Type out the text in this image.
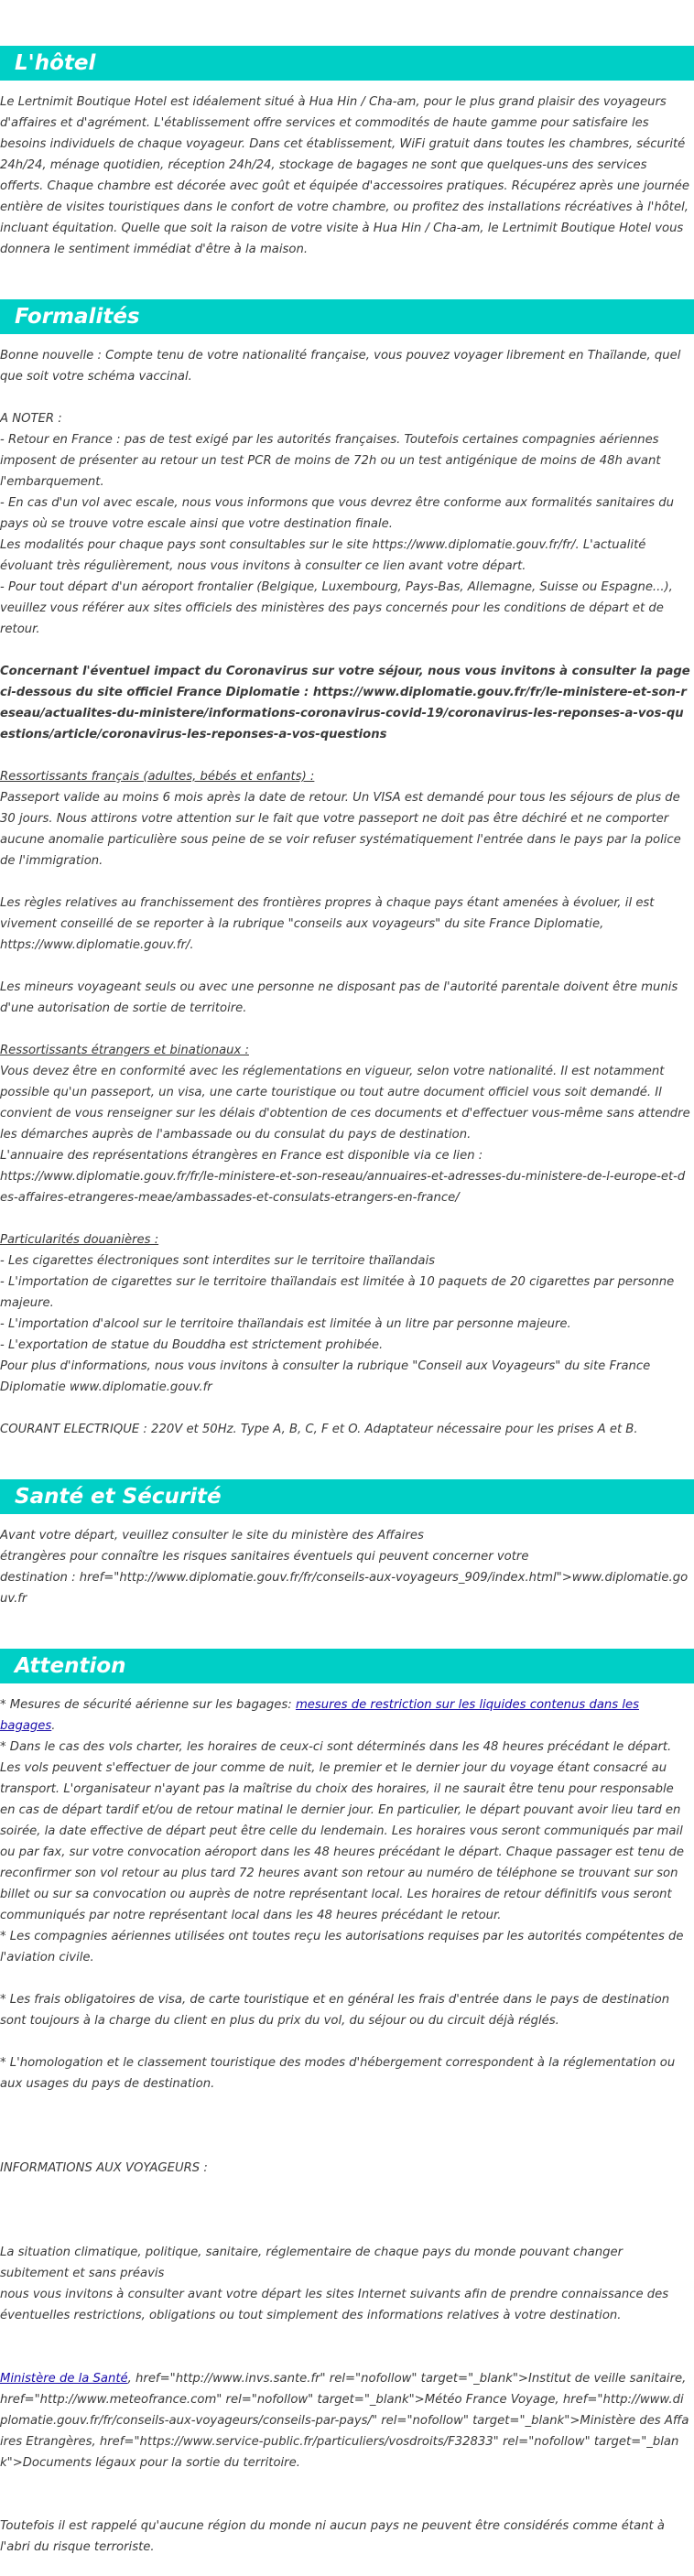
L'hôtel

Le Lertnimit Boutique Hotel est idéalement situé à Hua Hin / Cha-am, pour le plus grand plaisir des voyageurs d'affaires et d'agrément. L'établissement offre services et commodités de haute gamme pour satisfaire les besoins individuels de chaque voyageur. Dans cet établissement, WiFi gratuit dans toutes les chambres, sécurité 24h/24, ménage quotidien, réception 24h/24, stockage de bagages ne sont que quelques-uns des services offerts. Chaque chambre est décorée avec goût et équipée d'accessoires pratiques. Récupérez après une journée entière de visites touristiques dans le confort de votre chambre, ou profitez des installations récréatives à l'hôtel, incluant équitation. Quelle que soit la raison de votre visite à Hua Hin / Cha-am, le Lertnimit Boutique Hotel vous donnera le sentiment immédiat d'être à la maison.

Formalités

Bonne nouvelle : Compte tenu de votre nationalité française, vous pouvez voyager librement en Thaïlande, quel que soit votre schéma vaccinal.

A NOTER :

- Retour en France : pas de test exigé par les autorités françaises. Toutefois certaines compagnies aériennes imposent de présenter au retour un test PCR de moins de 72h ou un test antigénique de moins de 48h avant l'embarquement.

- En cas d'un vol avec escale, nous vous informons que vous devrez être conforme aux formalités sanitaires du pays où se trouve votre escale ainsi que votre destination finale.

Les modalités pour chaque pays sont consultables sur le site https://www.diplomatie.gouv.fr/fr/. L'actualité évoluant très régulièrement, nous vous invitons à consulter ce lien avant votre départ.

- Pour tout départ d'un aéroport frontalier (Belgique, Luxembourg, Pays-Bas, Allemagne, Suisse ou Espagne...), veuillez vous référer aux sites officiels des ministères des pays concernés pour les conditions de départ et de retour.

Concernant l'éventuel impact du Coronavirus sur votre séjour, nous vous invitons à consulter la page ci-dessous du site officiel France Diplomatie : https://www.diplomatie.gouv.fr/fr/le-ministere-et-son-reseau/actualites-du-ministere/informations-coronavirus-covid-19/coronavirus-les-reponses-a-vos-questions/article/coronavirus-les-reponses-a-vos-questions

Ressortissants français (adultes, bébés et enfants) :

Passeport valide au moins 6 mois après la date de retour. Un VISA est demandé pour tous les séjours de plus de 30 jours. Nous attirons votre attention sur le fait que votre passeport ne doit pas être déchiré et ne comporter aucune anomalie particulière sous peine de se voir refuser systématiquement l'entrée dans le pays par la police de l'immigration.

Les règles relatives au franchissement des frontières propres à chaque pays étant amenées à évoluer, il est vivement conseillé de se reporter à la rubrique "conseils aux voyageurs" du site France Diplomatie, https://www.diplomatie.gouv.fr/.

Les mineurs voyageant seuls ou avec une personne ne disposant pas de l'autorité parentale doivent être munis d'une autorisation de sortie de territoire.

Ressortissants étrangers et binationaux :

Vous devez être en conformité avec les réglementations en vigueur, selon votre nationalité. Il est notamment possible qu'un passeport, un visa, une carte touristique ou tout autre document officiel vous soit demandé. Il convient de vous renseigner sur les délais d'obtention de ces documents et d'effectuer vous-même sans attendre les démarches auprès de l'ambassade ou du consulat du pays de destination.

L'annuaire des représentations étrangères en France est disponible via ce lien :

https://www.diplomatie.gouv.fr/fr/le-ministere-et-son-reseau/annuaires-et-adresses-du-ministere-de-l-europe-et-des-affaires-etrangeres-meae/ambassades-et-consulats-etrangers-en-france/

Particularités douanières :

- Les cigarettes électroniques sont interdites sur le territoire thaïlandais

- L'importation de cigarettes sur le territoire thaïlandais est limitée à 10 paquets de 20 cigarettes par personne majeure.

- L'importation d'alcool sur le territoire thaïlandais est limitée à un litre par personne majeure.

- L'exportation de statue du Bouddha est strictement prohibée.

Pour plus d'informations, nous vous invitons à consulter la rubrique "Conseil aux Voyageurs" du site France Diplomatie www.diplomatie.gouv.fr

COURANT ELECTRIQUE : 220V et 50Hz. Type A, B, C, F et O. Adaptateur nécessaire pour les prises A et B.

Santé et Sécurité

Avant votre départ, veuillez consulter le site du ministère des Affaires

étrangères pour connaître les risques sanitaires éventuels qui peuvent concerner votre

destination : href="http://www.diplomatie.gouv.fr/fr/conseils-aux-voyageurs_909/index.html">www.diplomatie.gouv.fr

Attention

* Mesures de sécurité aérienne sur les bagages: mesures de restriction sur les liquides contenus dans les bagages.

* Dans le cas des vols charter, les horaires de ceux-ci sont déterminés dans les 48 heures précédant le départ. Les vols peuvent s'effectuer de jour comme de nuit, le premier et le dernier jour du voyage étant consacré au transport. L'organisateur n'ayant pas la maîtrise du choix des horaires, il ne saurait être tenu pour responsable en cas de départ tardif et/ou de retour matinal le dernier jour. En particulier, le départ pouvant avoir lieu tard en soirée, la date effective de départ peut être celle du lendemain. Les horaires vous seront communiqués par mail ou par fax, sur votre convocation aéroport dans les 48 heures précédant le départ. Chaque passager est tenu de reconfirmer son vol retour au plus tard 72 heures avant son retour au numéro de téléphone se trouvant sur son billet ou sur sa convocation ou auprès de notre représentant local. Les horaires de retour définitifs vous seront communiqués par notre représentant local dans les 48 heures précédant le retour.

* Les compagnies aériennes utilisées ont toutes reçu les autorisations requises par les autorités compétentes de l'aviation civile.

* Les frais obligatoires de visa, de carte touristique et en général les frais d'entrée dans le pays de destination sont toujours à la charge du client en plus du prix du vol, du séjour ou du circuit déjà réglés.

* L'homologation et le classement touristique des modes d'hébergement correspondent à la réglementation ou aux usages du pays de destination.

INFORMATIONS AUX VOYAGEURS :

La situation climatique, politique, sanitaire, réglementaire de chaque pays du monde pouvant changer subitement et sans préavis

nous vous invitons à consulter avant votre départ les sites Internet suivants afin de prendre connaissance des éventuelles restrictions, obligations ou tout simplement des informations relatives à votre destination.

Ministère de la Santé, href="http://www.invs.sante.fr" rel="nofollow" target="_blank">Institut de veille sanitaire, href="http://www.meteofrance.com" rel="nofollow" target="_blank">Météo France Voyage, href="http://www.diplomatie.gouv.fr/fr/conseils-aux-voyageurs/conseils-par-pays/" rel="nofollow" target="_blank">Ministère des Affaires Etrangères, href="https://www.service-public.fr/particuliers/vosdroits/F32833" rel="nofollow" target="_blank">Documents légaux pour la sortie du territoire.

Toutefois il est rappelé qu'aucune région du monde ni aucun pays ne peuvent être considérés comme étant à l'abri du risque terroriste.
